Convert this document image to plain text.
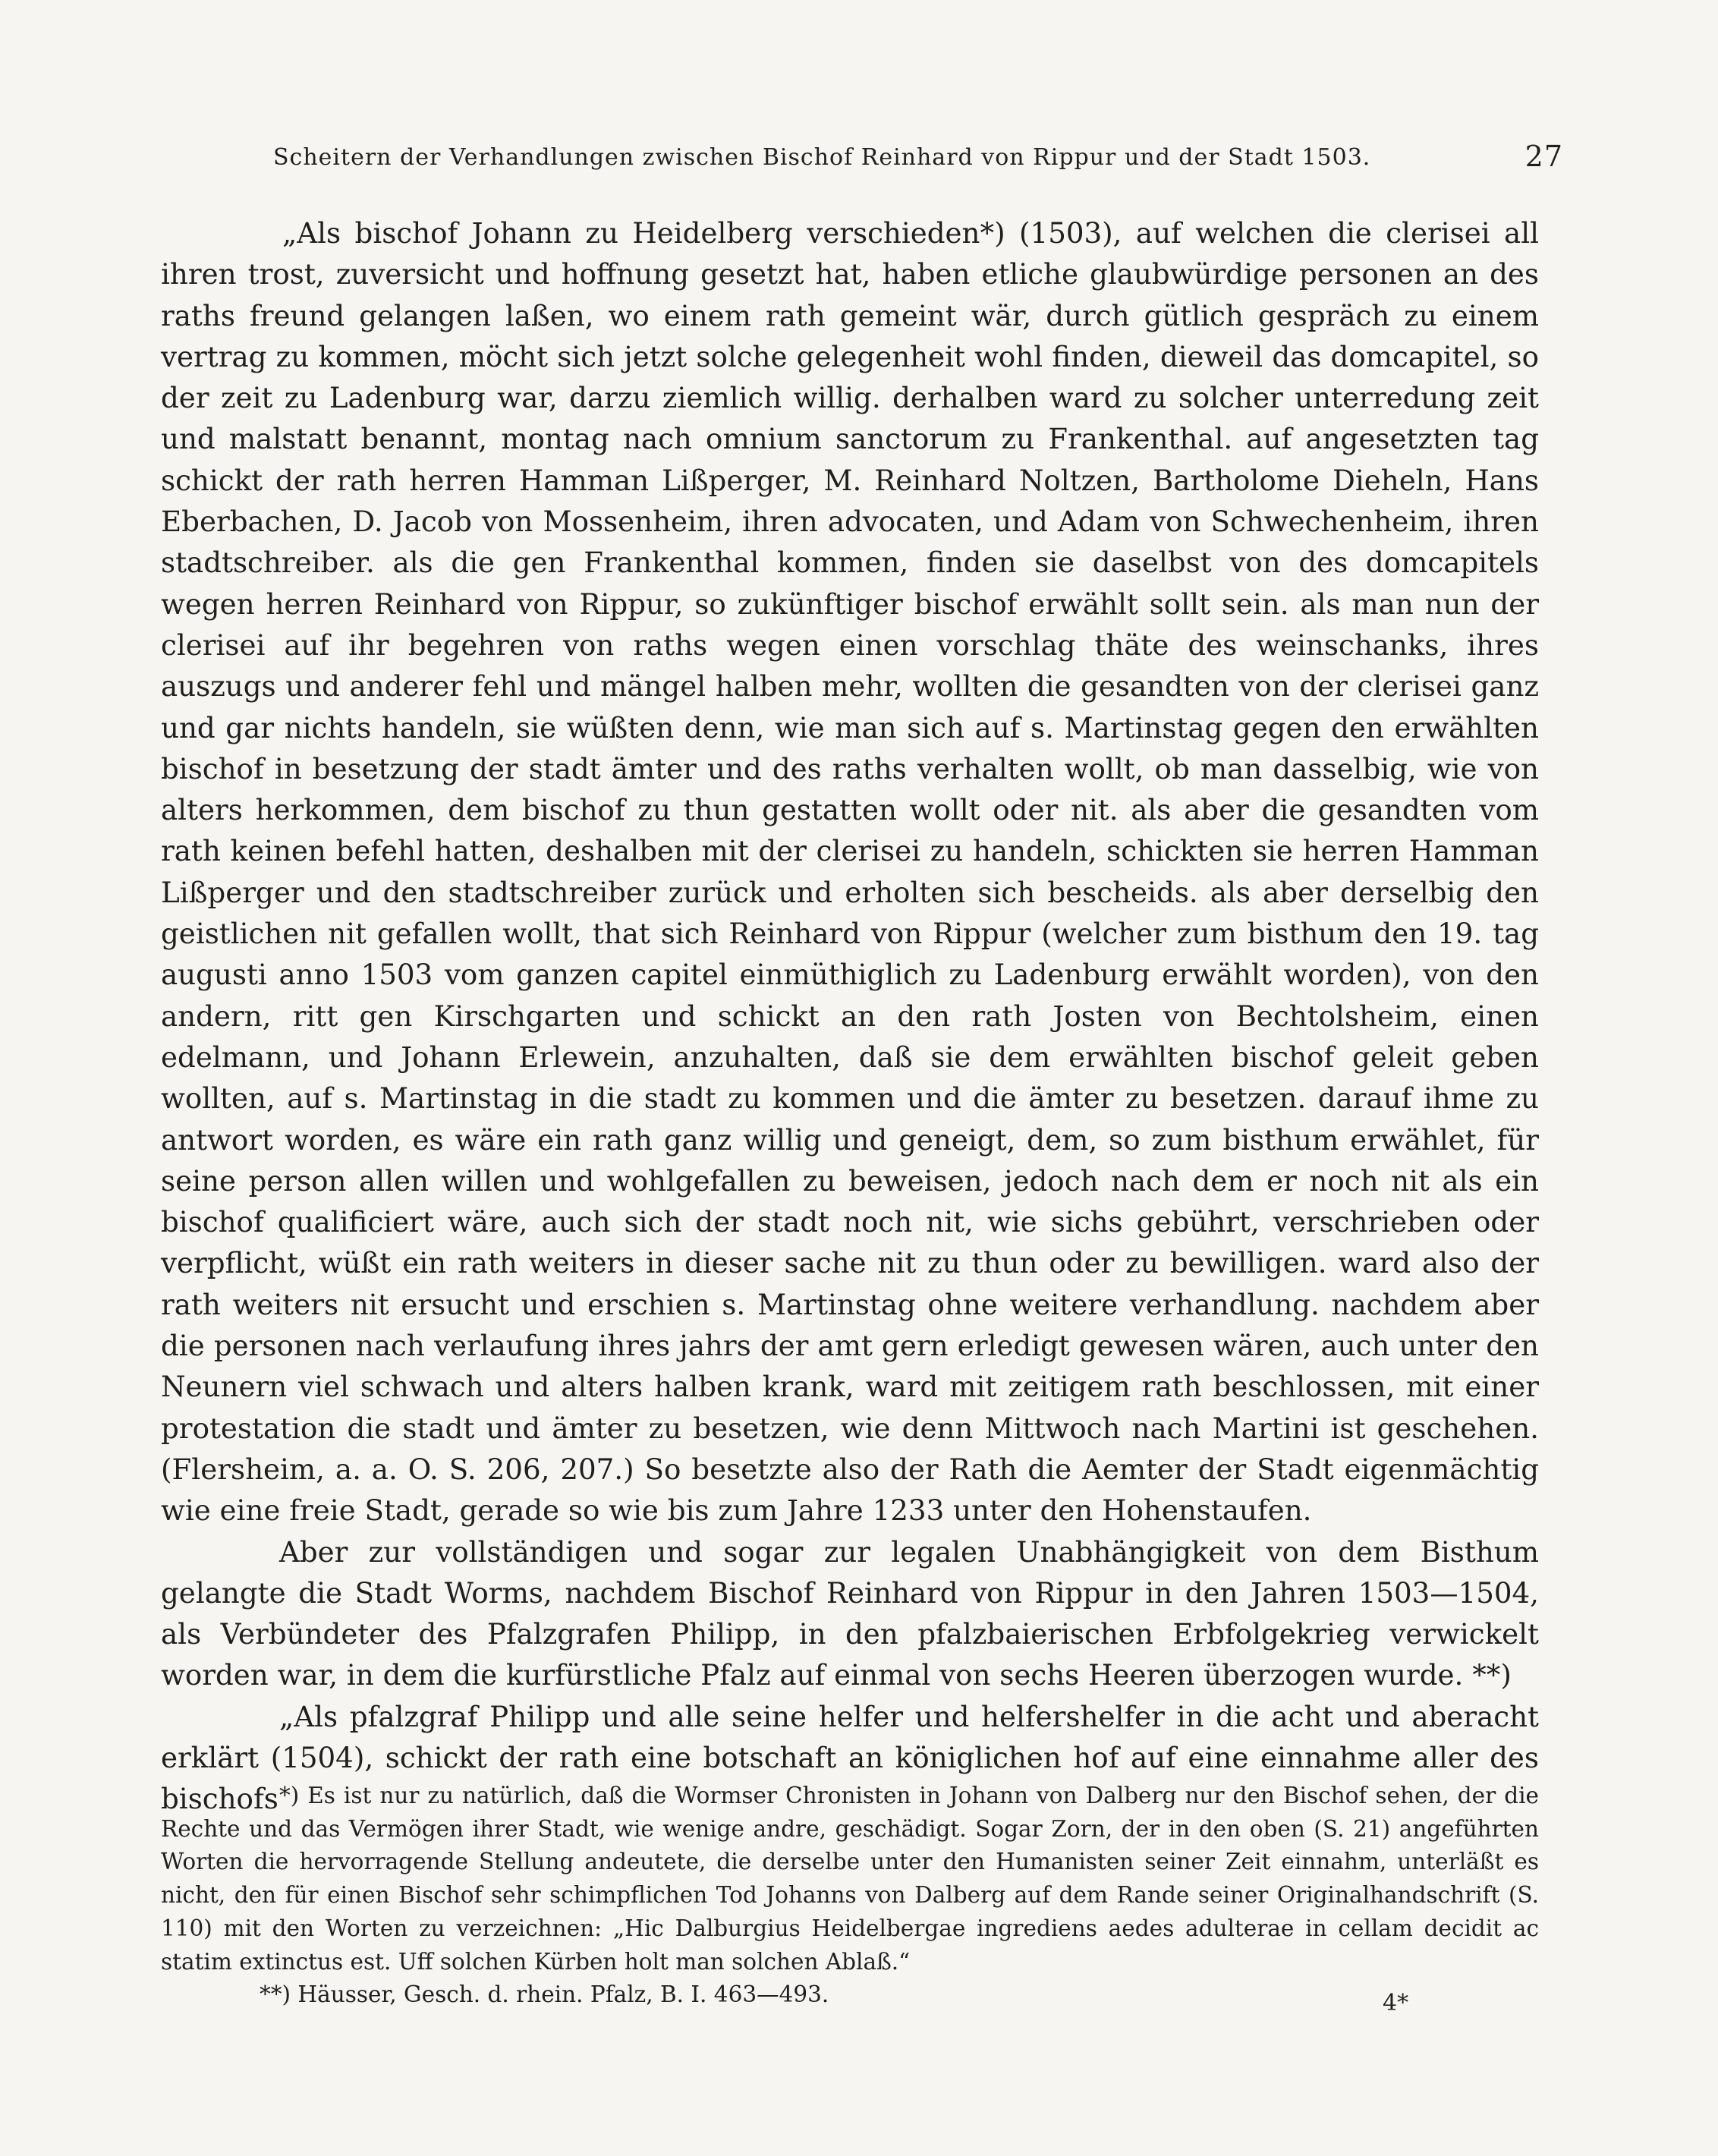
Scheitern der Verhandlungen zwischen Bischof Reinhard von Rippur und der Stadt 1503.	27

„Als bischof Johann zu Heidelberg verschieden*) (1503), auf welchen die clerisei all ihren trost, zuversicht und hoffnung gesetzt hat, haben etliche glaubwürdige personen an des raths freund gelangen laßen, wo einem rath gemeint wär, durch gütlich gespräch zu einem vertrag zu kommen, möcht sich jetzt solche gelegenheit wohl finden, dieweil das domcapitel, so der zeit zu Ladenburg war, darzu ziemlich willig. derhalben ward zu solcher unterredung zeit und malstatt benannt, montag nach omnium sanctorum zu Frankenthal. auf angesetzten tag schickt der rath herren Hamman Lißperger, M. Reinhard Noltzen, Bartholome Dieheln, Hans Eberbachen, D. Jacob von Mossenheim, ihren advocaten, und Adam von Schwechenheim, ihren stadtschreiber. als die gen Frankenthal kommen, finden sie daselbst von des domcapitels wegen herren Reinhard von Rippur, so zukünftiger bischof erwählt sollt sein. als man nun der clerisei auf ihr begehren von raths wegen einen vorschlag thäte des weinschanks, ihres auszugs und anderer fehl und mängel halben mehr, wollten die gesandten von der clerisei ganz und gar nichts handeln, sie wüßten denn, wie man sich auf s. Martinstag gegen den erwählten bischof in besetzung der stadt ämter und des raths verhalten wollt, ob man dasselbig, wie von alters herkommen, dem bischof zu thun gestatten wollt oder nit. als aber die gesandten vom rath keinen befehl hatten, deshalben mit der clerisei zu handeln, schickten sie herren Hamman Lißperger und den stadtschreiber zurück und erholten sich bescheids. als aber derselbig den geistlichen nit gefallen wollt, that sich Reinhard von Rippur (welcher zum bisthum den 19. tag augusti anno 1503 vom ganzen capitel einmüthiglich zu Ladenburg erwählt worden), von den andern, ritt gen Kirschgarten und schickt an den rath Josten von Bechtolsheim, einen edelmann, und Johann Erlewein, anzuhalten, daß sie dem erwählten bischof geleit geben wollten, auf s. Martinstag in die stadt zu kommen und die ämter zu besetzen. darauf ihme zu antwort worden, es wäre ein rath ganz willig und geneigt, dem, so zum bisthum erwählet, für seine person allen willen und wohlgefallen zu beweisen, jedoch nach dem er noch nit als ein bischof qualificiert wäre, auch sich der stadt noch nit, wie sichs gebührt, verschrieben oder verpflicht, wüßt ein rath weiters in dieser sache nit zu thun oder zu bewilligen. ward also der rath weiters nit ersucht und erschien s. Martinstag ohne weitere verhandlung. nachdem aber die personen nach verlaufung ihres jahrs der amt gern erledigt gewesen wären, auch unter den Neunern viel schwach und alters halben krank, ward mit zeitigem rath beschlossen, mit einer protestation die stadt und ämter zu besetzen, wie denn Mittwoch nach Martini ist geschehen. (Flersheim, a. a. O. S. 206, 207.) So besetzte also der Rath die Aemter der Stadt eigenmächtig wie eine freie Stadt, gerade so wie bis zum Jahre 1233 unter den Hohenstaufen.

Aber zur vollständigen und sogar zur legalen Unabhängigkeit von dem Bisthum gelangte die Stadt Worms, nachdem Bischof Reinhard von Rippur in den Jahren 1503—1504, als Verbündeter des Pfalzgrafen Philipp, in den pfalzbaierischen Erbfolgekrieg verwickelt worden war, in dem die kurfürstliche Pfalz auf einmal von sechs Heeren überzogen wurde. **)

„Als pfalzgraf Philipp und alle seine helfer und helfershelfer in die acht und aberacht erklärt (1504), schickt der rath eine botschaft an königlichen hof auf eine einnahme aller des bischofs *) Es ist nur zu natürlich, daß die Wormser Chronisten in Johann von Dalberg nur den Bischof sehen, der die Rechte und das Vermögen ihrer Stadt, wie wenige andre, geschädigt. Sogar Zorn, der in den oben (S. 21) angeführten Worten die hervorragende Stellung andeutete, die derselbe unter den Humanisten seiner Zeit einnahm, unterläßt es nicht, den für einen Bischof sehr schimpflichen Tod Johanns von Dalberg auf dem Rande seiner Originalhandschrift (S. 110) mit den Worten zu verzeichnen: „Hic Dalburgius Heidelbergae ingrediens aedes adulterae in cellam decidit ac statim extinctus est. Uff solchen Kürben holt man solchen Ablaß.“

**) Häusser, Gesch. d. rhein. Pfalz, B. I. 463—493.	4*
